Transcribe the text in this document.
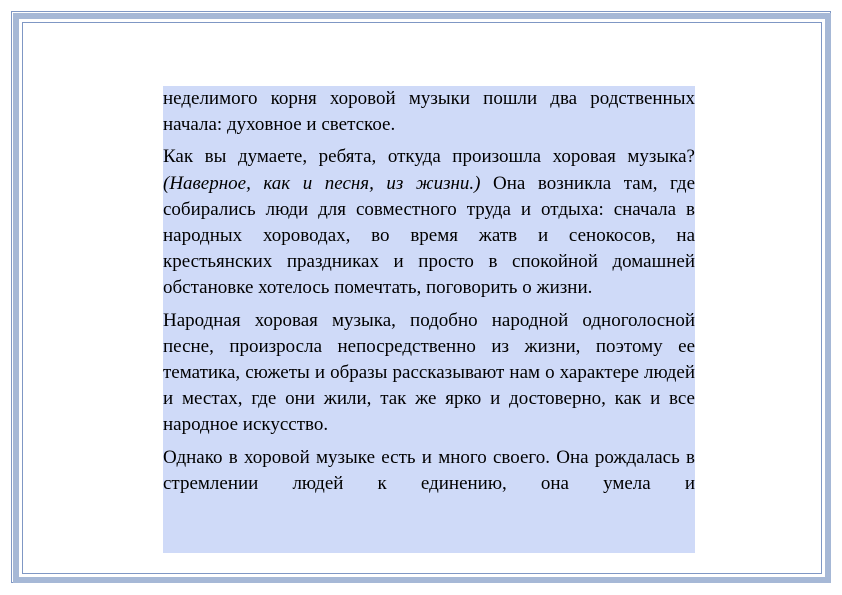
неделимого корня хоровой музыки пошли два родственных начала: духовное и светское.

Как вы думаете, ребята, откуда произошла хоровая музыка? (Наверное, как и песня, из жизни.) Она возникла там, где собирались люди для совместного труда и отдыха: сначала в народных хороводах, во время жатв и сенокосов, на крестьянских праздниках и просто в спокойной домашней обстановке хотелось помечтать, поговорить о жизни.

Народная хоровая музыка, подобно народной одноголосной песне, произросла непосредственно из жизни, поэтому ее тематика, сюжеты и образы рассказывают нам о характере людей и местах, где они жили, так же ярко и достоверно, как и все народное искусство.

Однако в хоровой музыке есть и много своего. Она рождалась в стремлении людей к единению, она умела и
